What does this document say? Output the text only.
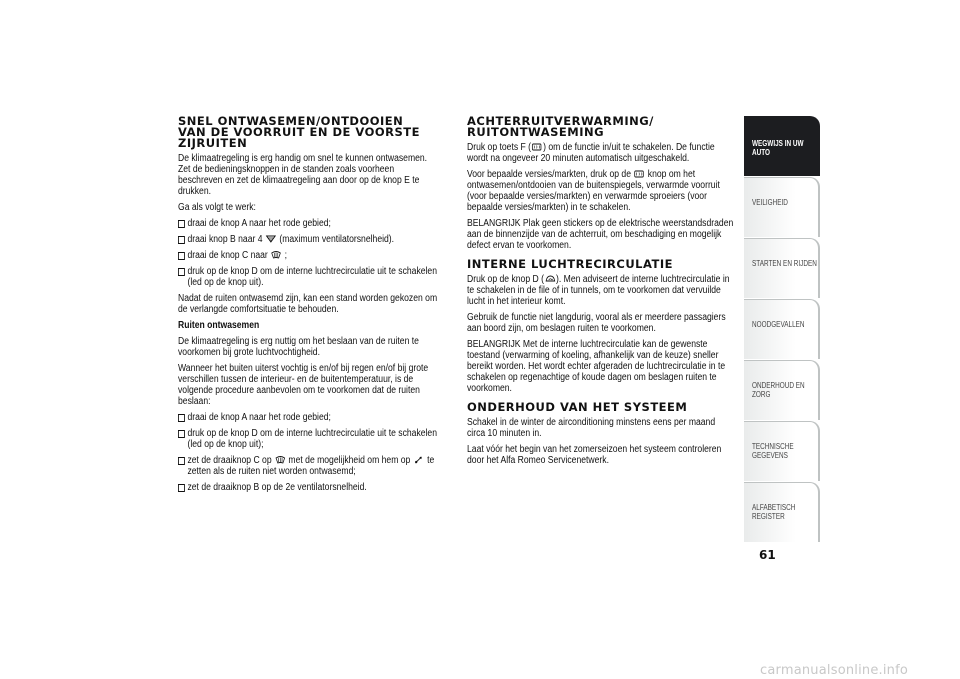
SNEL ONTWASEMEN/ONTDOOIEN
VAN DE VOORRUIT EN DE VOORSTE
ZIJRUITEN
De klimaatregeling is erg handig om snel te kunnen ontwasemen. Zet de bedieningsknoppen in de standen zoals voorheen beschreven en zet de klimaatregeling aan door op de knop E te drukken.
Ga als volgt te werk:
draai de knop A naar het rode gebied;
draai knop B naar 4 (maximum ventilatorsnelheid).
draai de knop C naar ;
druk op de knop D om de interne luchtrecirculatie uit te schakelen (led op de knop uit).
Nadat de ruiten ontwasemd zijn, kan een stand worden gekozen om de verlangde comfortsituatie te behouden.
Ruiten ontwasemen
De klimaatregeling is erg nuttig om het beslaan van de ruiten te voorkomen bij grote luchtvochtigheid.
Wanneer het buiten uiterst vochtig is en/of bij regen en/of bij grote verschillen tussen de interieur- en de buitentemperatuur, is de volgende procedure aanbevolen om te voorkomen dat de ruiten beslaan:
draai de knop A naar het rode gebied;
druk op de knop D om de interne luchtrecirculatie uit te schakelen (led op de knop uit);
zet de draaiknop C op met de mogelijkheid om hem op te zetten als de ruiten niet worden ontwasemd;
zet de draaiknop B op de 2e ventilatorsnelheid.
ACHTERRUITVERWARMING/
RUITONTWASEMING
Druk op toets F ( ) om de functie in/uit te schakelen. De functie wordt na ongeveer 20 minuten automatisch uitgeschakeld.
Voor bepaalde versies/markten, druk op de knop om het ontwasemen/ontdooien van de buitenspiegels, verwarmde voorruit (voor bepaalde versies/markten) en verwarmde sproeiers (voor bepaalde versies/markten) in te schakelen.
BELANGRIJK Plak geen stickers op de elektrische weerstandsdraden aan de binnenzijde van de achterruit, om beschadiging en mogelijk defect ervan te voorkomen.
INTERNE LUCHTRECIRCULATIE
Druk op de knop D ( ). Men adviseert de interne luchtrecirculatie in te schakelen in de file of in tunnels, om te voorkomen dat vervuilde lucht in het interieur komt.
Gebruik de functie niet langdurig, vooral als er meerdere passagiers aan boord zijn, om beslagen ruiten te voorkomen.
BELANGRIJK Met de interne luchtrecirculatie kan de gewenste toestand (verwarming of koeling, afhankelijk van de keuze) sneller bereikt worden. Het wordt echter afgeraden de luchtrecirculatie in te schakelen op regenachtige of koude dagen om beslagen ruiten te voorkomen.
ONDERHOUD VAN HET SYSTEEM
Schakel in de winter de airconditioning minstens eens per maand circa 10 minuten in.
Laat vóór het begin van het zomerseizoen het systeem controleren door het Alfa Romeo Servicenetwerk.
WEGWIJS IN UW AUTO
VEILIGHEID
STARTEN EN RIJDEN
NOODGEVALLEN
ONDERHOUD EN ZORG
TECHNISCHE GEGEVENS
ALFABETISCH REGISTER
61
carmanualsonline.info
